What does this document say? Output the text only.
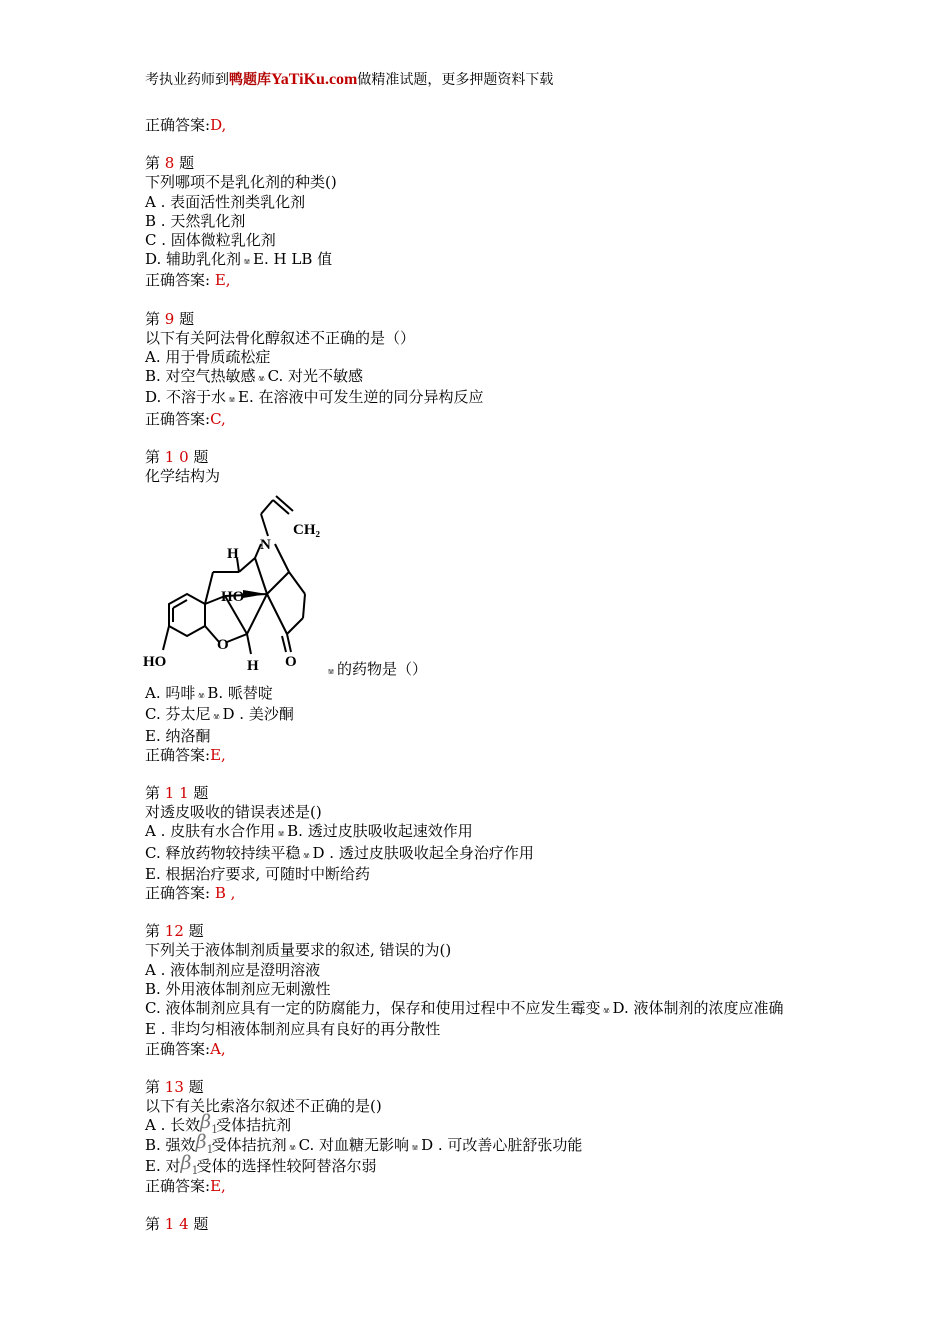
考执业药师到鸭题库YaTiKu.com做精准试题，更多押题资料下载
正确答案:D,
第 8 题
下列哪项不是乳化剂的种类()
A . 表面活性剂类乳化剂
B . 天然乳化剂
C . 固体微粒乳化剂
D. 辅助乳化剂 ෂ E. H LB 值
正确答案: E,
第 9 题
以下有关阿法骨化醇叙述不正确的是（）
A. 用于骨质疏松症
B. 对空气热敏感 ෂ C. 对光不敏感
D. 不溶于水 ෂ E. 在溶液中可发生逆的同分异构反应
正确答案:C,
第 1 0 题
化学结构为
CH₂
H
N
HO
HO
O
H O
ෂ 的药物是（）
A. 吗啡 ෂ B. 哌替啶
C. 芬太尼 ෂ D . 美沙酮
E. 纳洛酮
正确答案:E,
第 1 1 题
对透皮吸收的错误表述是()
A . 皮肤有水合作用 ෂ B. 透过皮肤吸收起速效作用
C. 释放药物较持续平稳 ෂ D . 透过皮肤吸收起全身治疗作用
E. 根据治疗要求, 可随时中断给药
正确答案: B ,
第 12 题
下列关于液体制剂质量要求的叙述, 错误的为()
A . 液体制剂应是澄明溶液
B. 外用液体制剂应无刺激性
C. 液体制剂应具有一定的防腐能力，保存和使用过程中不应发生霉变 ෂ D. 液体制剂的浓度应准确
E . 非均匀相液体制剂应具有良好的再分散性
正确答案:A,
第 13 题
以下有关比索洛尔叙述不正确的是()
A . 长效$\beta_1$受体拮抗剂
B. 强效$\beta_1$受体拮抗剂 ෂ C. 对血糖无影响 ෂ D . 可改善心脏舒张功能
E. 对$\beta_1$受体的选择性较阿替洛尔弱
正确答案:E,
第 1 4 题
